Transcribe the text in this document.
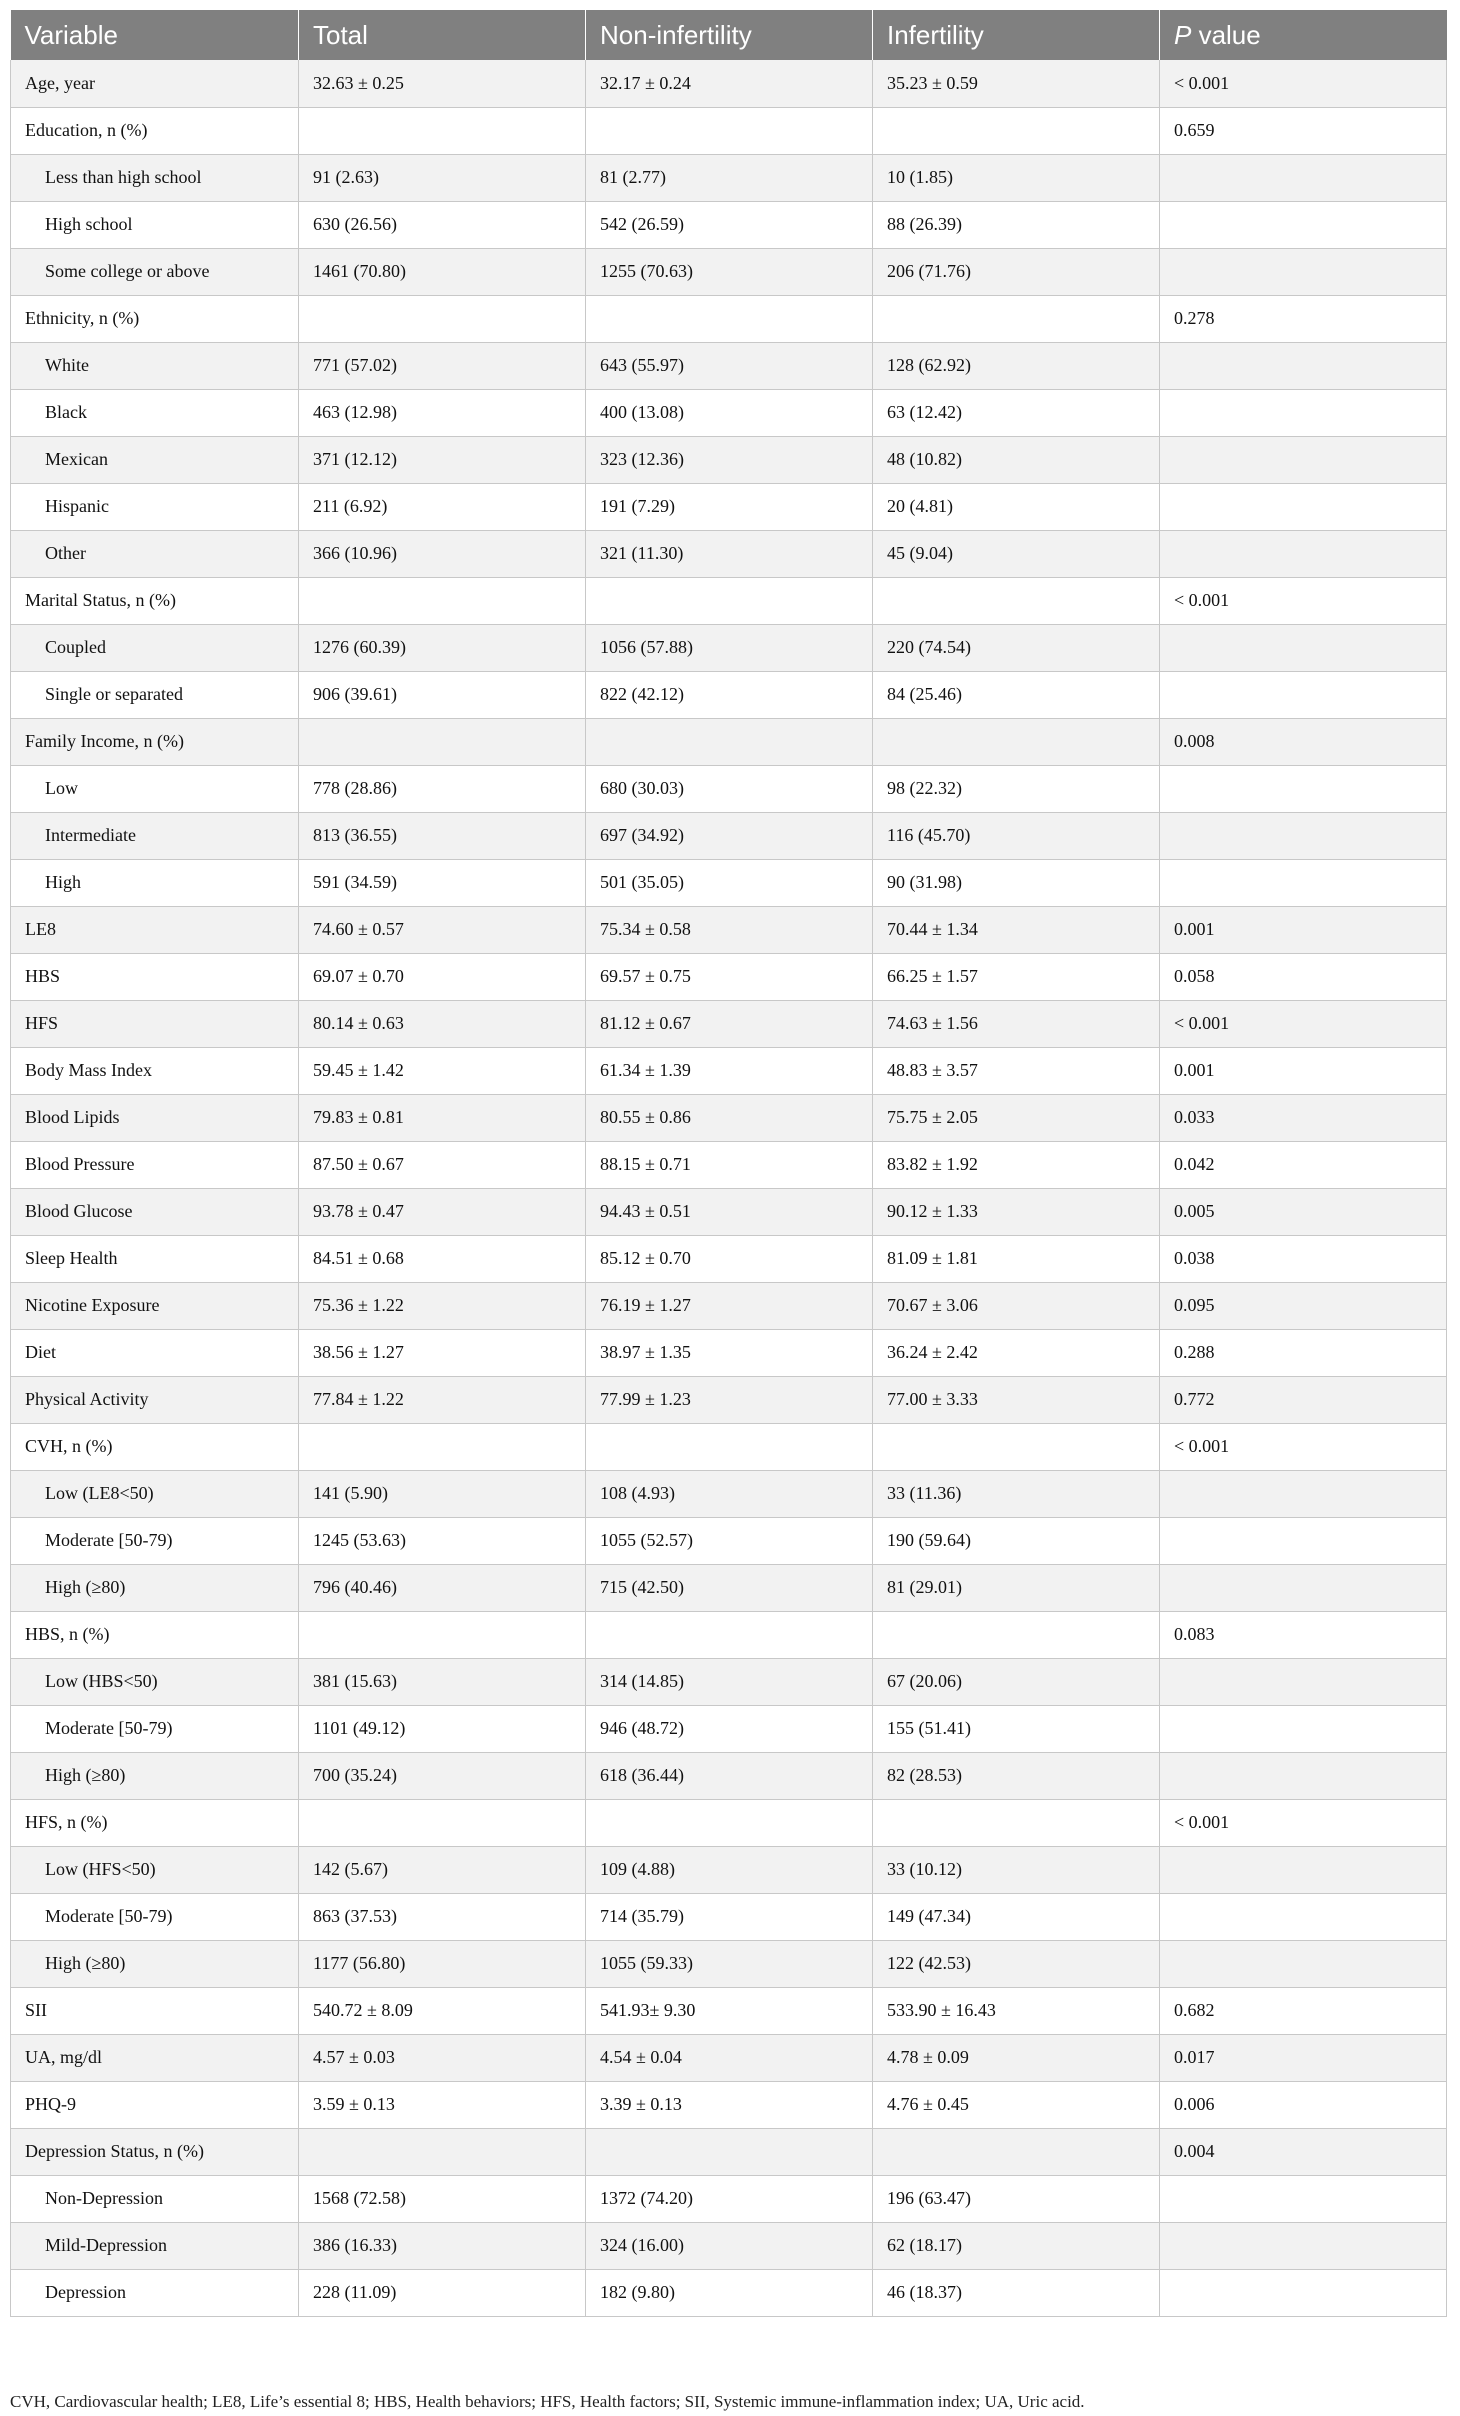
Variable	Total	Non-infertility	Infertility	P value
Age, year	32.63 ± 0.25	32.17 ± 0.24	35.23 ± 0.59	< 0.001
Education, n (%)				0.659
Less than high school	91 (2.63)	81 (2.77)	10 (1.85)	
High school	630 (26.56)	542 (26.59)	88 (26.39)	
Some college or above	1461 (70.80)	1255 (70.63)	206 (71.76)	
Ethnicity, n (%)				0.278
White	771 (57.02)	643 (55.97)	128 (62.92)	
Black	463 (12.98)	400 (13.08)	63 (12.42)	
Mexican	371 (12.12)	323 (12.36)	48 (10.82)	
Hispanic	211 (6.92)	191 (7.29)	20 (4.81)	
Other	366 (10.96)	321 (11.30)	45 (9.04)	
Marital Status, n (%)				< 0.001
Coupled	1276 (60.39)	1056 (57.88)	220 (74.54)	
Single or separated	906 (39.61)	822 (42.12)	84 (25.46)	
Family Income, n (%)				0.008
Low	778 (28.86)	680 (30.03)	98 (22.32)	
Intermediate	813 (36.55)	697 (34.92)	116 (45.70)	
High	591 (34.59)	501 (35.05)	90 (31.98)	
LE8	74.60 ± 0.57	75.34 ± 0.58	70.44 ± 1.34	0.001
HBS	69.07 ± 0.70	69.57 ± 0.75	66.25 ± 1.57	0.058
HFS	80.14 ± 0.63	81.12 ± 0.67	74.63 ± 1.56	< 0.001
Body Mass Index	59.45 ± 1.42	61.34 ± 1.39	48.83 ± 3.57	0.001
Blood Lipids	79.83 ± 0.81	80.55 ± 0.86	75.75 ± 2.05	0.033
Blood Pressure	87.50 ± 0.67	88.15 ± 0.71	83.82 ± 1.92	0.042
Blood Glucose	93.78 ± 0.47	94.43 ± 0.51	90.12 ± 1.33	0.005
Sleep Health	84.51 ± 0.68	85.12 ± 0.70	81.09 ± 1.81	0.038
Nicotine Exposure	75.36 ± 1.22	76.19 ± 1.27	70.67 ± 3.06	0.095
Diet	38.56 ± 1.27	38.97 ± 1.35	36.24 ± 2.42	0.288
Physical Activity	77.84 ± 1.22	77.99 ± 1.23	77.00 ± 3.33	0.772
CVH, n (%)				< 0.001
Low (LE8<50)	141 (5.90)	108 (4.93)	33 (11.36)	
Moderate [50-79)	1245 (53.63)	1055 (52.57)	190 (59.64)	
High (≥80)	796 (40.46)	715 (42.50)	81 (29.01)	
HBS, n (%)				0.083
Low (HBS<50)	381 (15.63)	314 (14.85)	67 (20.06)	
Moderate [50-79)	1101 (49.12)	946 (48.72)	155 (51.41)	
High (≥80)	700 (35.24)	618 (36.44)	82 (28.53)	
HFS, n (%)				< 0.001
Low (HFS<50)	142 (5.67)	109 (4.88)	33 (10.12)	
Moderate [50-79)	863 (37.53)	714 (35.79)	149 (47.34)	
High (≥80)	1177 (56.80)	1055 (59.33)	122 (42.53)	
SII	540.72 ± 8.09	541.93± 9.30	533.90 ± 16.43	0.682
UA, mg/dl	4.57 ± 0.03	4.54 ± 0.04	4.78 ± 0.09	0.017
PHQ-9	3.59 ± 0.13	3.39 ± 0.13	4.76 ± 0.45	0.006
Depression Status, n (%)				0.004
Non-Depression	1568 (72.58)	1372 (74.20)	196 (63.47)	
Mild-Depression	386 (16.33)	324 (16.00)	62 (18.17)	
Depression	228 (11.09)	182 (9.80)	46 (18.37)	
CVH, Cardiovascular health; LE8, Life’s essential 8; HBS, Health behaviors; HFS, Health factors; SII, Systemic immune-inflammation index; UA, Uric acid.
